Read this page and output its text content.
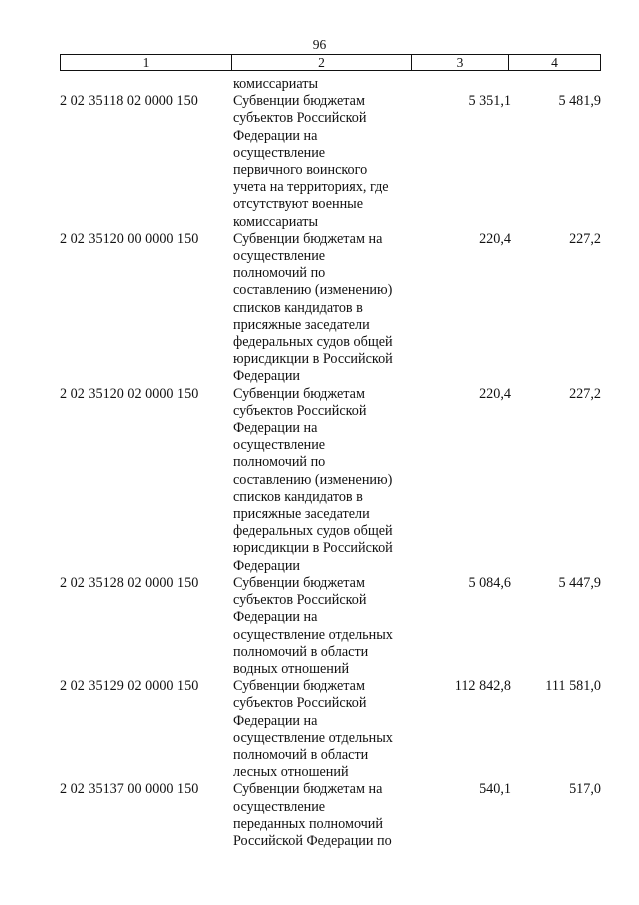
96
1	2	3	4
комиссариаты
2 02 35118 02 0000 150	Субвенции бюджетам
субъектов Российской
Федерации на
осуществление
первичного воинского
учета на территориях, где
отсутствуют военные
комиссариаты
5 351,1	5 481,9
2 02 35120 00 0000 150	Субвенции бюджетам на
осуществление
полномочий по
составлению (изменению)
списков кандидатов в
присяжные заседатели
федеральных судов общей
юрисдикции в Российской
Федерации
220,4	227,2
2 02 35120 02 0000 150	Субвенции бюджетам
субъектов Российской
Федерации на
осуществление
полномочий по
составлению (изменению)
списков кандидатов в
присяжные заседатели
федеральных судов общей
юрисдикции в Российской
Федерации
220,4	227,2
2 02 35128 02 0000 150	Субвенции бюджетам
субъектов Российской
Федерации на
осуществление отдельных
полномочий в области
водных отношений
5 084,6	5 447,9
2 02 35129 02 0000 150	Субвенции бюджетам
субъектов Российской
Федерации на
осуществление отдельных
полномочий в области
лесных отношений
112 842,8	111 581,0
2 02 35137 00 0000 150	Субвенции бюджетам на
осуществление
переданных полномочий
Российской Федерации по
540,1	517,0
